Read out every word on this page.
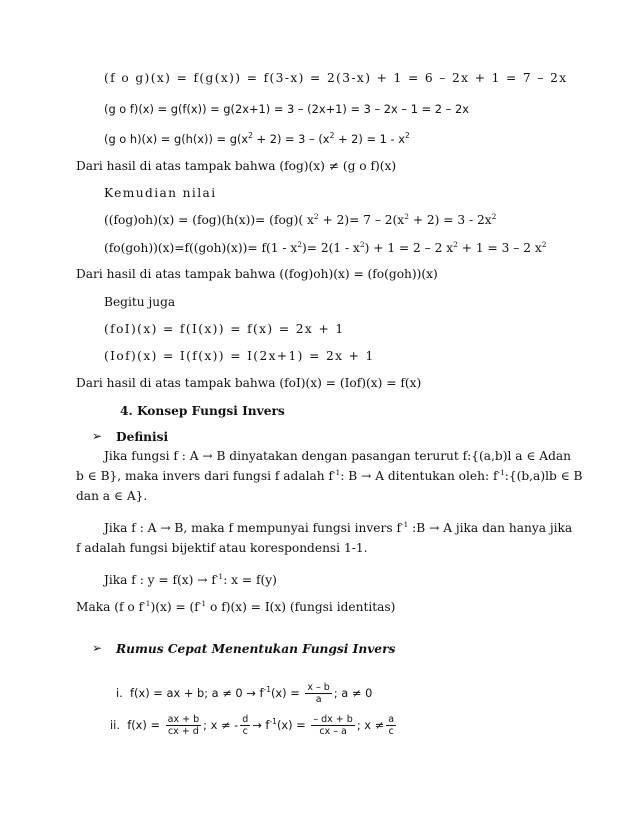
(f o g)(x) = f(g(x)) = f(3-x) = 2(3-x) + 1 = 6 – 2x + 1 = 7 – 2x
(g o f)(x) = g(f(x)) = g(2x+1) = 3 – (2x+1) = 3 – 2x – 1 = 2 – 2x
(g o $h)(x) = g(h(x)) = g(x^2 + 2) = 3 - (x^2 + 2) = 1 - x^2$
Dari hasil di atas tampak bahwa (fog)(x) ≠ (g o f)(x)
Kemudian nilai
((fog)oh)(x) = (fog)(h(x))= (fog)( $x^2 + 2)= 7 - 2(x^2 + 2) = 3 - 2x^2$
$(fo(goh))(x)=f((goh)(x))= f(1 - x^2)= 2(1 - x^2) + 1 = 2 - 2$ $x^2 + 1 = 3 - 2$ $x^2$
Dari hasil di atas tampak bahwa ((fog)oh)(x) = (fo(goh))(x)
Begitu juga
(foI)(x) = f(I(x)) = f(x) = 2x + 1
(Iof)(x) = I(f(x)) = I(2x+1) = 2x + 1
Dari hasil di atas tampak bahwa (foI)(x) = (Iof)(x) = f(x)
4. Konsep Fungsi Invers
➢ Definisi
Jika fungsi f : A → B dinyatakan dengan pasangan terurut f:{(a,b)l a ∈ Adan
b ∈ B}, maka invers dari fungsi f adalah $f^{-1}$: B → A ditentukan oleh: $f^{-1}:\{(b,a)lb$ ∈ B
dan a ∈ A}.
Jika f : A → B, maka f mempunyai fungsi invers $f^{-1}$ :B → A jika dan hanya jika
f adalah fungsi bijektif atau korespondensi 1-1.
Jika f : $y = f(x) \to f^{-1}$: x = f(y)
Maka (f o $f^{-1})(x) = (f^{-1}$ o f)(x) = I(x) (fungsi identitas)
➢ Rumus Cepat Menentukan Fungsi Invers
i. f(x) = ax + b; $a \ne 0 \to f^{-1}(x) = \frac{x - b}{a}$ ; a ≠ 0
ii. $f(x) = \frac{ax + b}{cx + d}$ ; x ≠ - $\frac{d}{c} \to f^{-1}(x) = \frac{- dx + b}{cx - a}$ ; $x \ne \frac{a}{c}$
